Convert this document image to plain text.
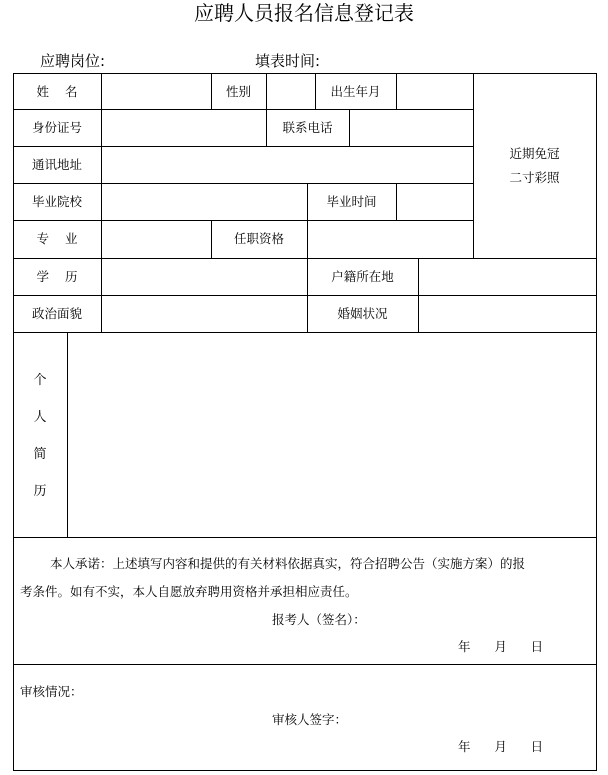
应聘人员报名信息登记表
应聘岗位:	填表时间:
姓    名	性别	出生年月
近期免冠
二寸彩照
身份证号	联系电话
通讯地址
毕业院校	毕业时间
专    业	任职资格
学    历	户籍所在地
政治面貌	婚姻状况
个
人
简
历
本人承诺：上述填写内容和提供的有关材料依据真实，符合招聘公告（实施方案）的报
考条件。如有不实，本人自愿放弃聘用资格并承担相应责任。
报考人（签名）：
年      月      日
审核情况：
审核人签字：
年      月      日
